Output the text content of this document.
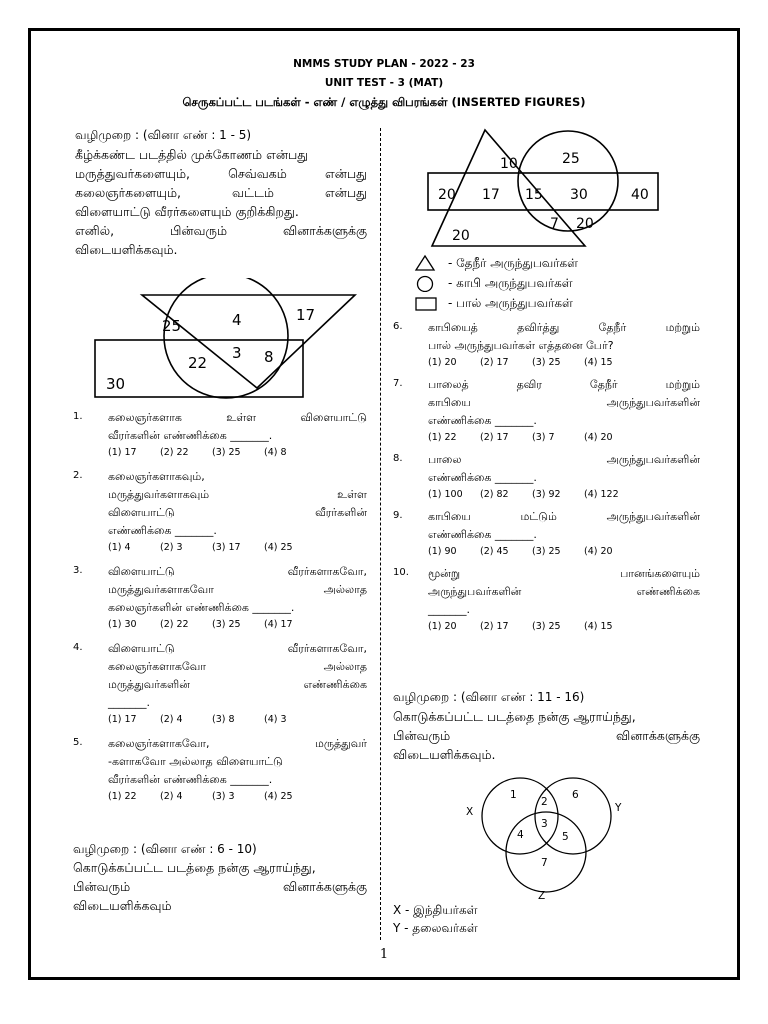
NMMS STUDY PLAN - 2022 - 23
UNIT TEST - 3 (MAT)
செருகப்பட்ட படங்கள் - எண் / எழுத்து விபரங்கள் (INSERTED FIGURES)
வழிமுறை : (வினா எண் : 1 - 5)
கீழ்க்கண்ட படத்தில் முக்கோணம் என்பது
மருத்துவர்களையும்,	செவ்வகம்	என்பது
கலைஞர்களையும்,	வட்டம்	என்பது
விளையாட்டு வீரர்களையும் குறிக்கிறது.
எனில்,	பின்வரும்	வினாக்களுக்கு
விடையளிக்கவும்.
25	4	17
22
3 8
30
1. கலைஞர்களாக	உள்ள	விளையாட்டு
வீரர்களின் எண்ணிக்கை _______.
(1) 17	(2) 22	(3) 25	(4) 8
2. கலைஞர்களாகவும்,
மருத்துவர்களாகவும்	உள்ள
விளையாட்டு	வீரர்களின்
எண்ணிக்கை _______.
(1) 4	(2) 3	(3) 17	(4) 25
3. விளையாட்டு	வீரர்களாகவோ,
மருத்துவர்களாகவோ	அல்லாத
கலைஞர்களின் எண்ணிக்கை _______.
(1) 30	(2) 22	(3) 25	(4) 17
4. விளையாட்டு	வீரர்களாகவோ,
கலைஞர்களாகவோ	அல்லாத
மருத்துவர்களின்	எண்ணிக்கை
_______.
(1) 17	(2) 4	(3) 8	(4) 3
5. கலைஞர்களாகவோ,	மருத்துவர்
-களாகவோ அல்லாத விளையாட்டு
வீரர்களின் எண்ணிக்கை _______.
(1) 22	(2) 4	(3) 3	(4) 25
வழிமுறை : (வினா எண் : 6 - 10)
கொடுக்கப்பட்ட படத்தை நன்கு ஆராய்ந்து,
பின்வரும்	வினாக்களுக்கு
விடையளிக்கவும்
10	25
20 17 15 30	40
7 20
20
- தேநீர் அருந்துபவர்கள்
- காபி அருந்துபவர்கள்
- பால் அருந்துபவர்கள்
6. காபியைத்	தவிர்த்து	தேநீர்	மற்றும்
பால் அருந்துபவர்கள் எத்தனை பேர்?
(1) 20	(2) 17	(3) 25	(4) 15
7. பாலைத்	தவிர	தேநீர்	மற்றும்
காபியை	அருந்துபவர்களின்
எண்ணிக்கை _______.
(1) 22	(2) 17	(3) 7	(4) 20
8. பாலை	அருந்துபவர்களின்
எண்ணிக்கை _______.
(1) 100	(2) 82	(3) 92	(4) 122
9. காபியை	மட்டும்	அருந்துபவர்களின்
எண்ணிக்கை _______.
(1) 90	(2) 45	(3) 25	(4) 20
10. மூன்று	பானங்களையும்
அருந்துபவர்களின்	எண்ணிக்கை
_______.
(1) 20	(2) 17	(3) 25	(4) 15
வழிமுறை : (வினா எண் : 11 - 16)
கொடுக்கப்பட்ட படத்தை நன்கு ஆராய்ந்து,
பின்வரும்	வினாக்களுக்கு
விடையளிக்கவும்.
1
2
6
3
4	5
7
X	Y
Z
X - இந்தியர்கள்
Y - தலைவர்கள்
1
